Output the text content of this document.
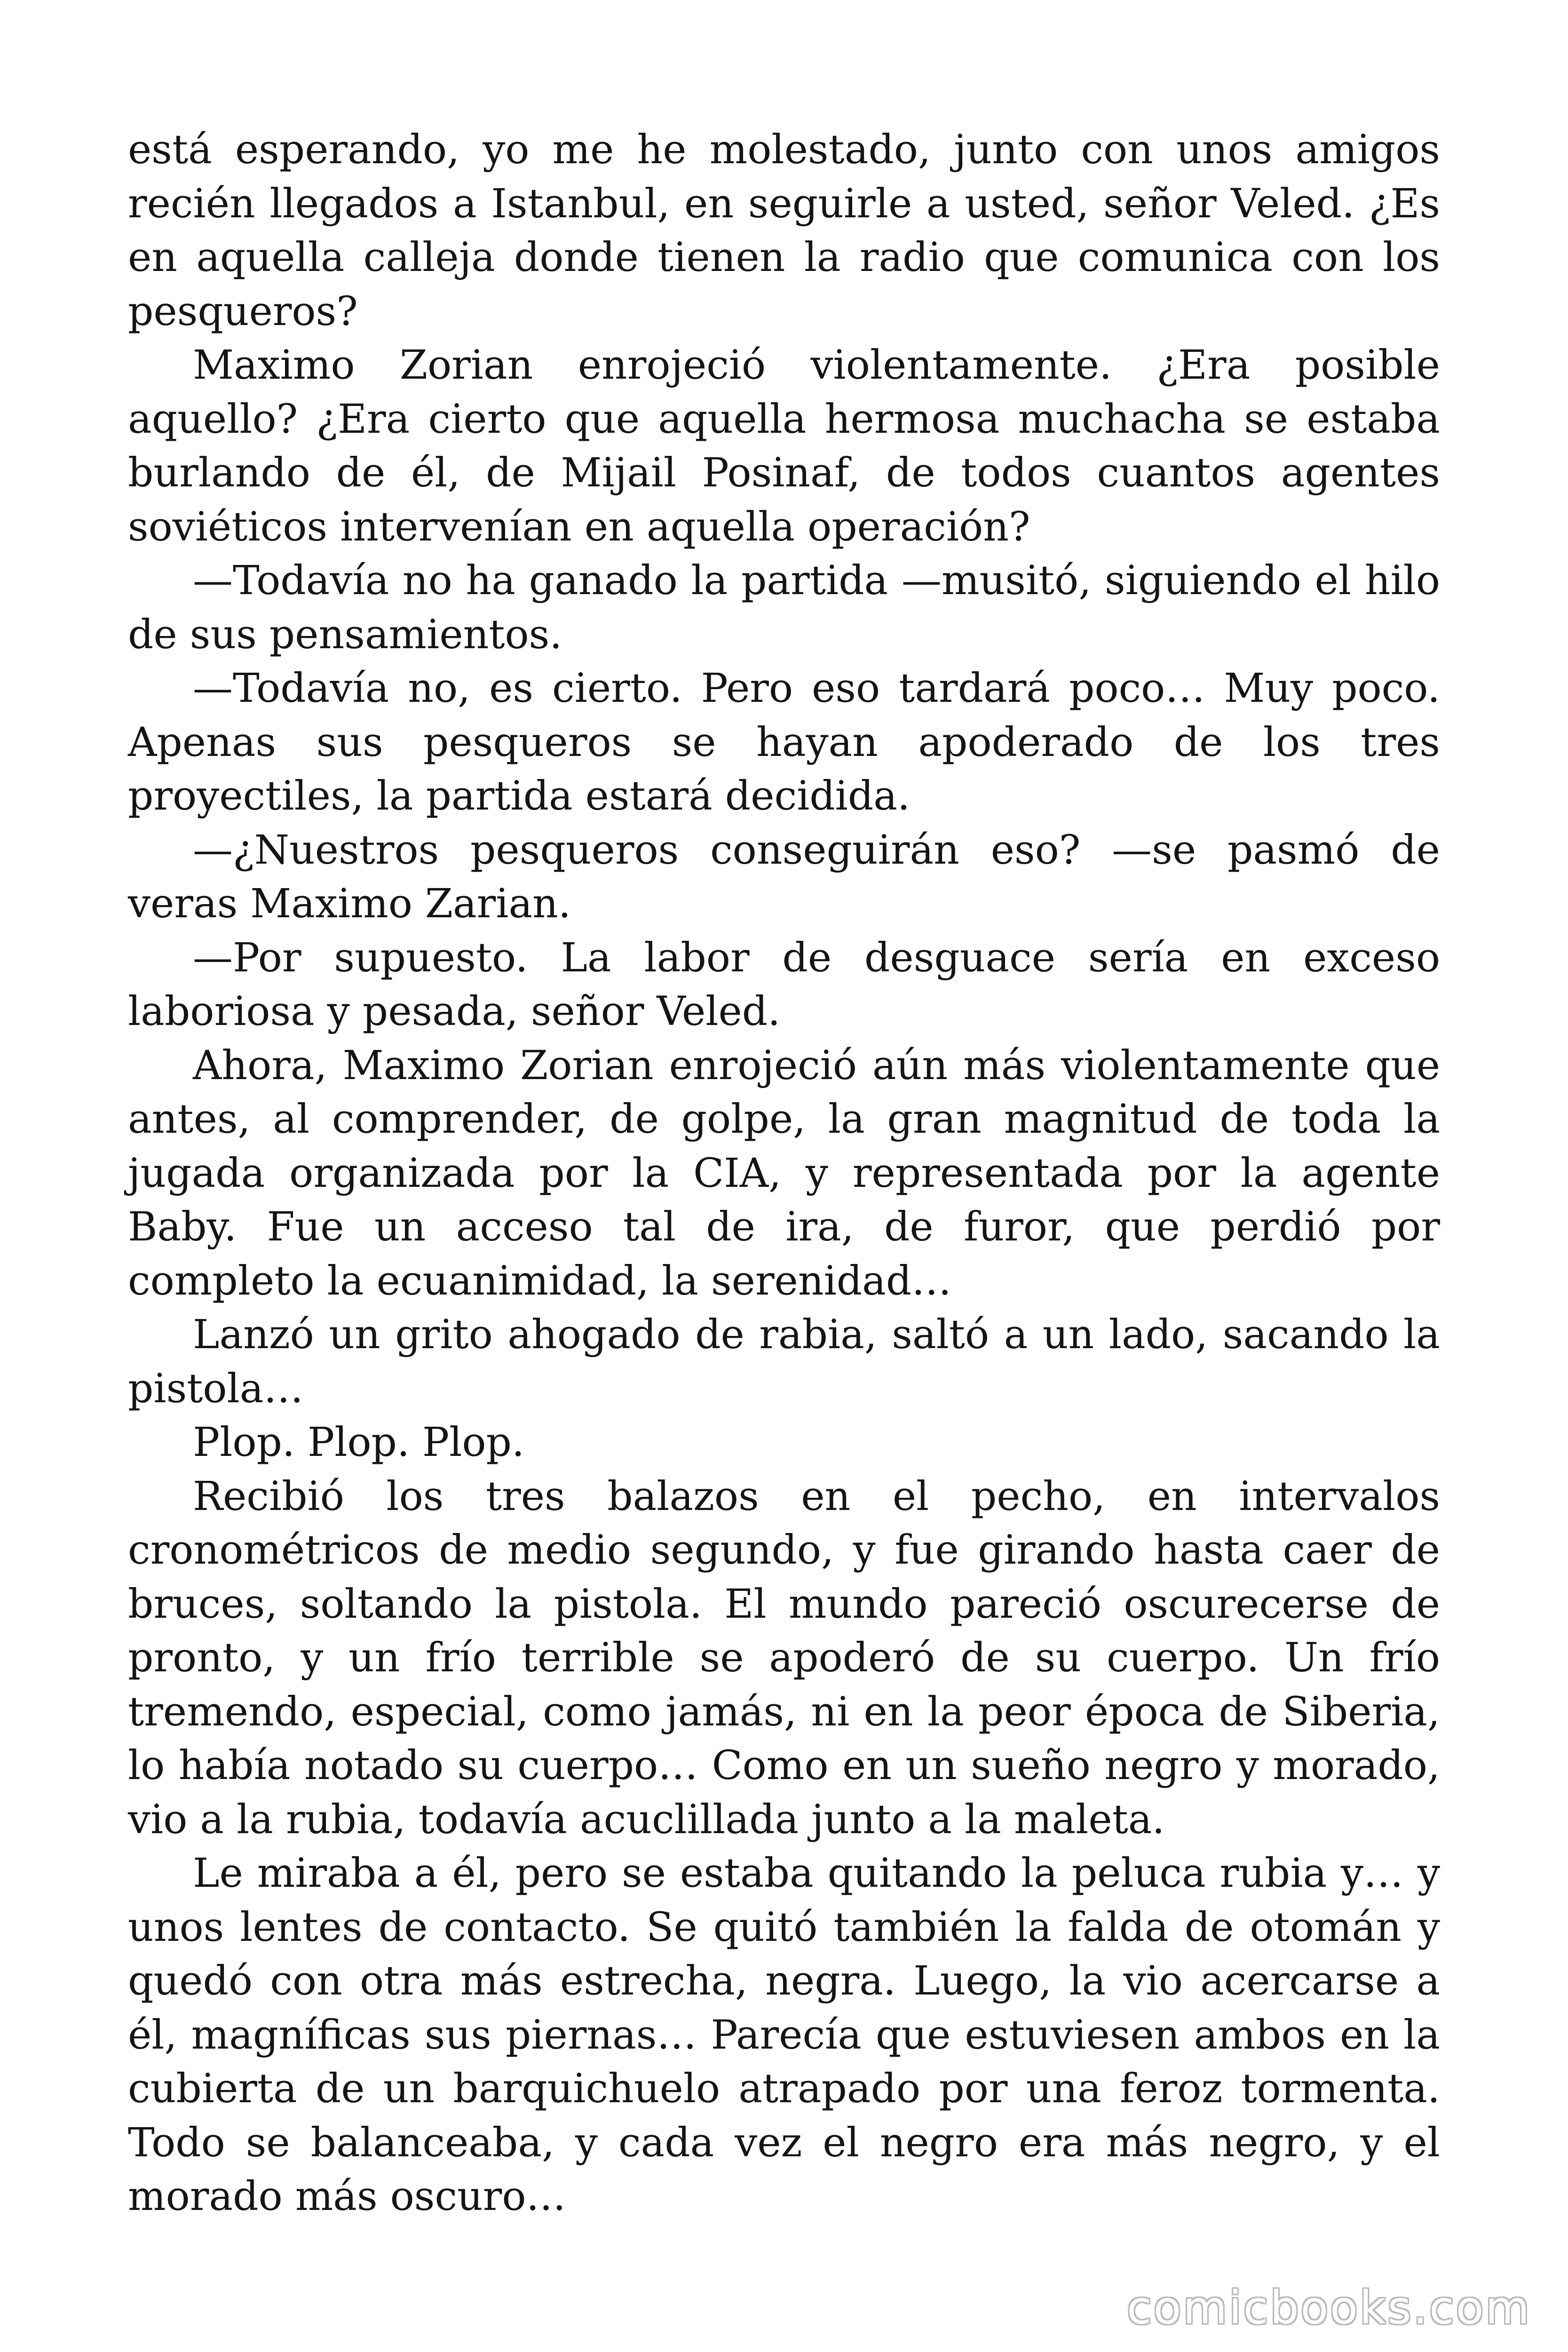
está esperando, yo me he molestado, junto con unos amigos recién llegados a Istanbul, en seguirle a usted, señor Veled. ¿Es en aquella calleja donde tienen la radio que comunica con los pesqueros?

Maximo Zorian enrojeció violentamente. ¿Era posible aquello? ¿Era cierto que aquella hermosa muchacha se estaba burlando de él, de Mijail Posinaf, de todos cuantos agentes soviéticos intervenían en aquella operación?

—Todavía no ha ganado la partida —musitó, siguiendo el hilo de sus pensamientos.

—Todavía no, es cierto. Pero eso tardará poco… Muy poco. Apenas sus pesqueros se hayan apoderado de los tres proyectiles, la partida estará decidida.

—¿Nuestros pesqueros conseguirán eso? —se pasmó de veras Maximo Zarian.

—Por supuesto. La labor de desguace sería en exceso laboriosa y pesada, señor Veled.

Ahora, Maximo Zorian enrojeció aún más violentamente que antes, al comprender, de golpe, la gran magnitud de toda la jugada organizada por la CIA, y representada por la agente Baby. Fue un acceso tal de ira, de furor, que perdió por completo la ecuanimidad, la serenidad…

Lanzó un grito ahogado de rabia, saltó a un lado, sacando la pistola…

Plop. Plop. Plop.

Recibió los tres balazos en el pecho, en intervalos cronométricos de medio segundo, y fue girando hasta caer de bruces, soltando la pistola. El mundo pareció oscurecerse de pronto, y un frío terrible se apoderó de su cuerpo. Un frío tremendo, especial, como jamás, ni en la peor época de Siberia, lo había notado su cuerpo… Como en un sueño negro y morado, vio a la rubia, todavía acuclillada junto a la maleta.

Le miraba a él, pero se estaba quitando la peluca rubia y… y unos lentes de contacto. Se quitó también la falda de otomán y quedó con otra más estrecha, negra. Luego, la vio acercarse a él, magníficas sus piernas… Parecía que estuviesen ambos en la cubierta de un barquichuelo atrapado por una feroz tormenta. Todo se balanceaba, y cada vez el negro era más negro, y el morado más oscuro…

comicbooks.com
